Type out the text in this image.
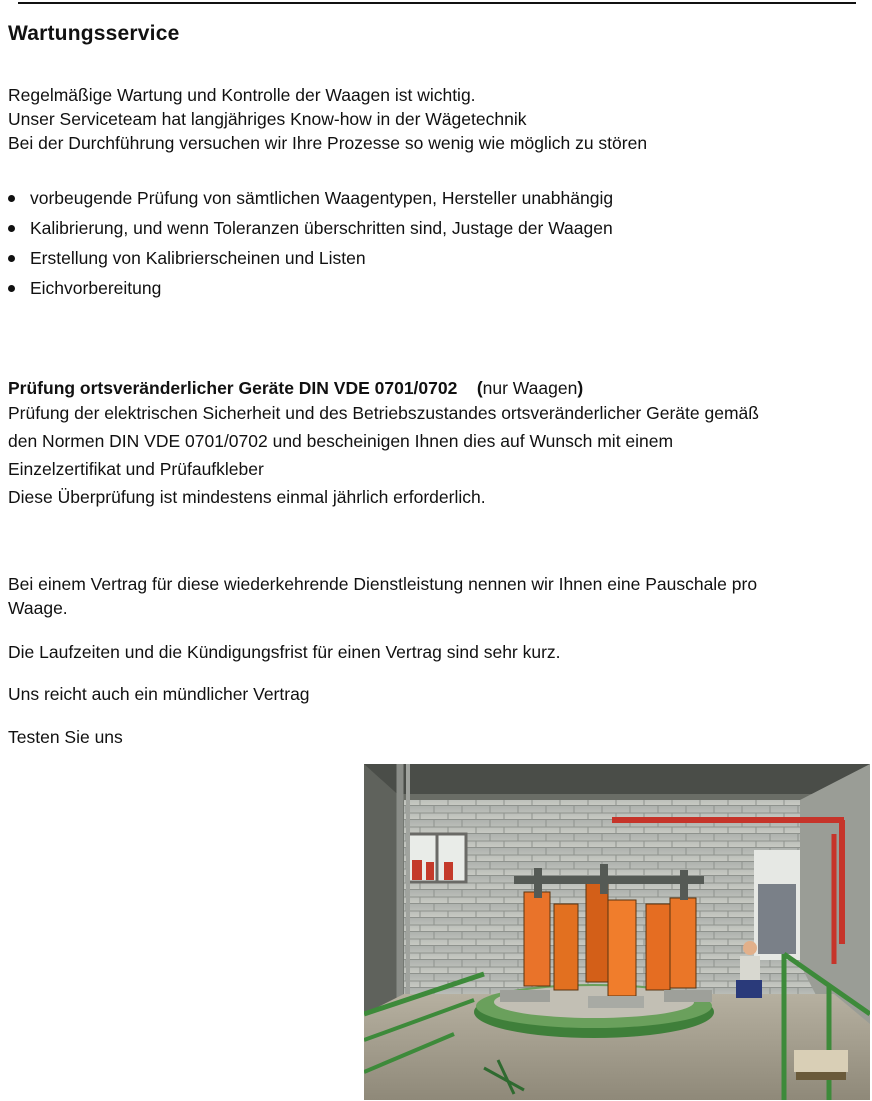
Wartungsservice
Regelmäßige Wartung und Kontrolle der Waagen ist wichtig.
Unser Serviceteam hat langjähriges Know-how in der Wägetechnik
Bei der Durchführung versuchen wir Ihre Prozesse so wenig wie möglich zu stören
vorbeugende Prüfung von sämtlichen Waagentypen, Hersteller unabhängig
Kalibrierung, und wenn Toleranzen überschritten sind, Justage der Waagen
Erstellung von Kalibrierscheinen und Listen
Eichvorbereitung
Prüfung ortsveränderlicher Geräte DIN VDE 0701/0702 (nur Waagen)
Prüfung der elektrischen Sicherheit und des Betriebszustandes ortsveränderlicher Geräte gemäß
den Normen DIN VDE 0701/0702 und bescheinigen Ihnen dies auf Wunsch mit einem
Einzelzertifikat und Prüfaufkleber
Diese Überprüfung ist mindestens einmal jährlich erforderlich.
Bei einem Vertrag für diese wiederkehrende Dienstleistung nennen wir Ihnen eine Pauschale pro
Waage.
Die Laufzeiten und die Kündigungsfrist für einen Vertrag sind sehr kurz.
Uns reicht auch ein mündlicher Vertrag
Testen Sie uns
